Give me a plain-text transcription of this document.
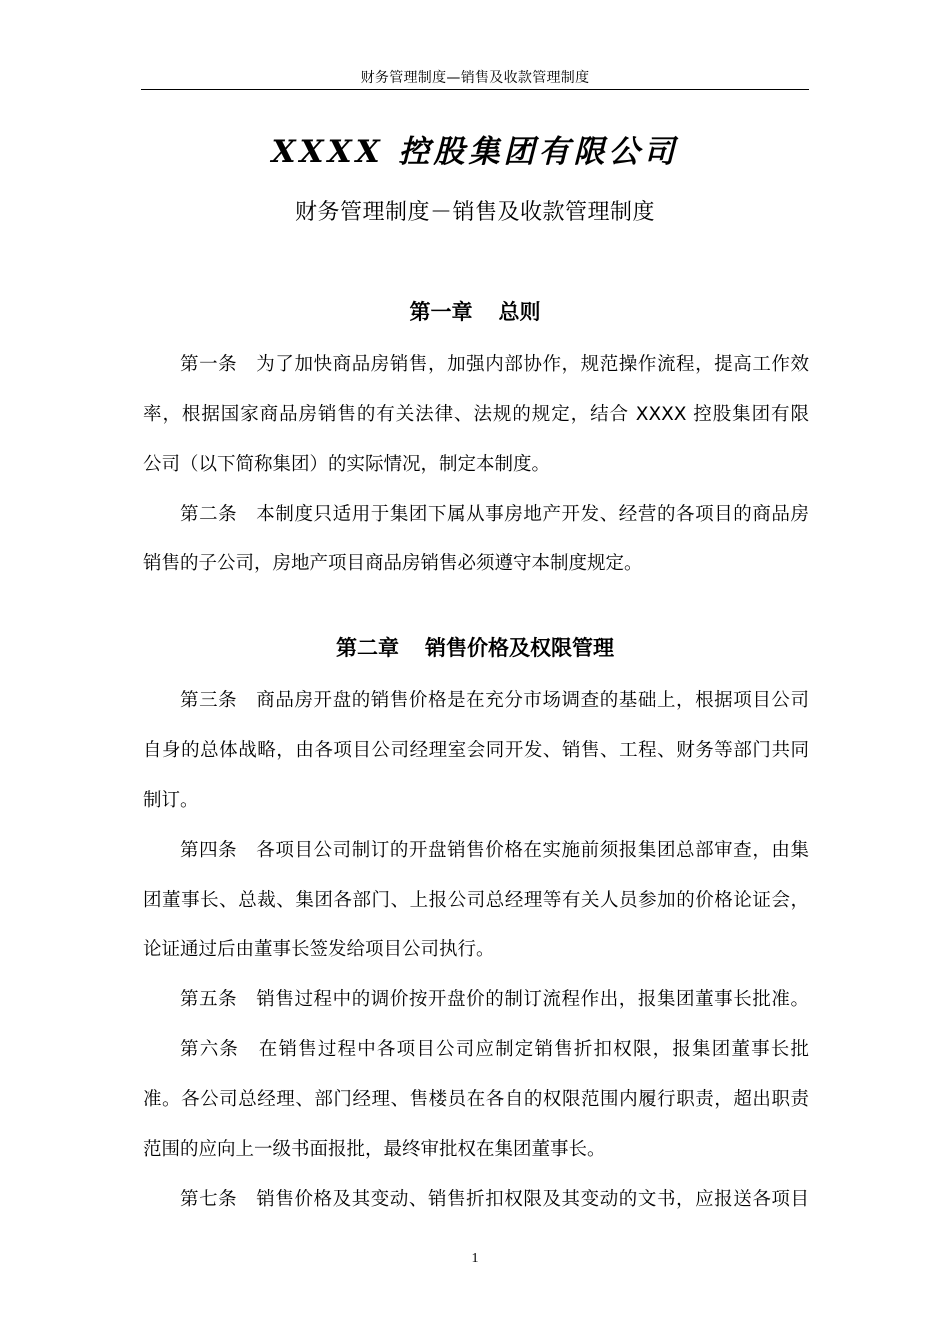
财务管理制度—销售及收款管理制度
XXXX 控股集团有限公司
财务管理制度－销售及收款管理制度
第一章 总则
第一条　为了加快商品房销售，加强内部协作，规范操作流程，提高工作效
率，根据国家商品房销售的有关法律、法规的规定，结合 XXXX 控股集团有限
公司（以下简称集团）的实际情况，制定本制度。
第二条　本制度只适用于集团下属从事房地产开发、经营的各项目的商品房
销售的子公司，房地产项目商品房销售必须遵守本制度规定。
第二章 销售价格及权限管理
第三条　商品房开盘的销售价格是在充分市场调查的基础上，根据项目公司
自身的总体战略，由各项目公司经理室会同开发、销售、工程、财务等部门共同
制订。
第四条　各项目公司制订的开盘销售价格在实施前须报集团总部审查，由集
团董事长、总裁、集团各部门、上报公司总经理等有关人员参加的价格论证会，
论证通过后由董事长签发给项目公司执行。
第五条　销售过程中的调价按开盘价的制订流程作出，报集团董事长批准。
第六条　在销售过程中各项目公司应制定销售折扣权限，报集团董事长批
准。各公司总经理、部门经理、售楼员在各自的权限范围内履行职责，超出职责
范围的应向上一级书面报批，最终审批权在集团董事长。
第七条　销售价格及其变动、销售折扣权限及其变动的文书，应报送各项目
1
